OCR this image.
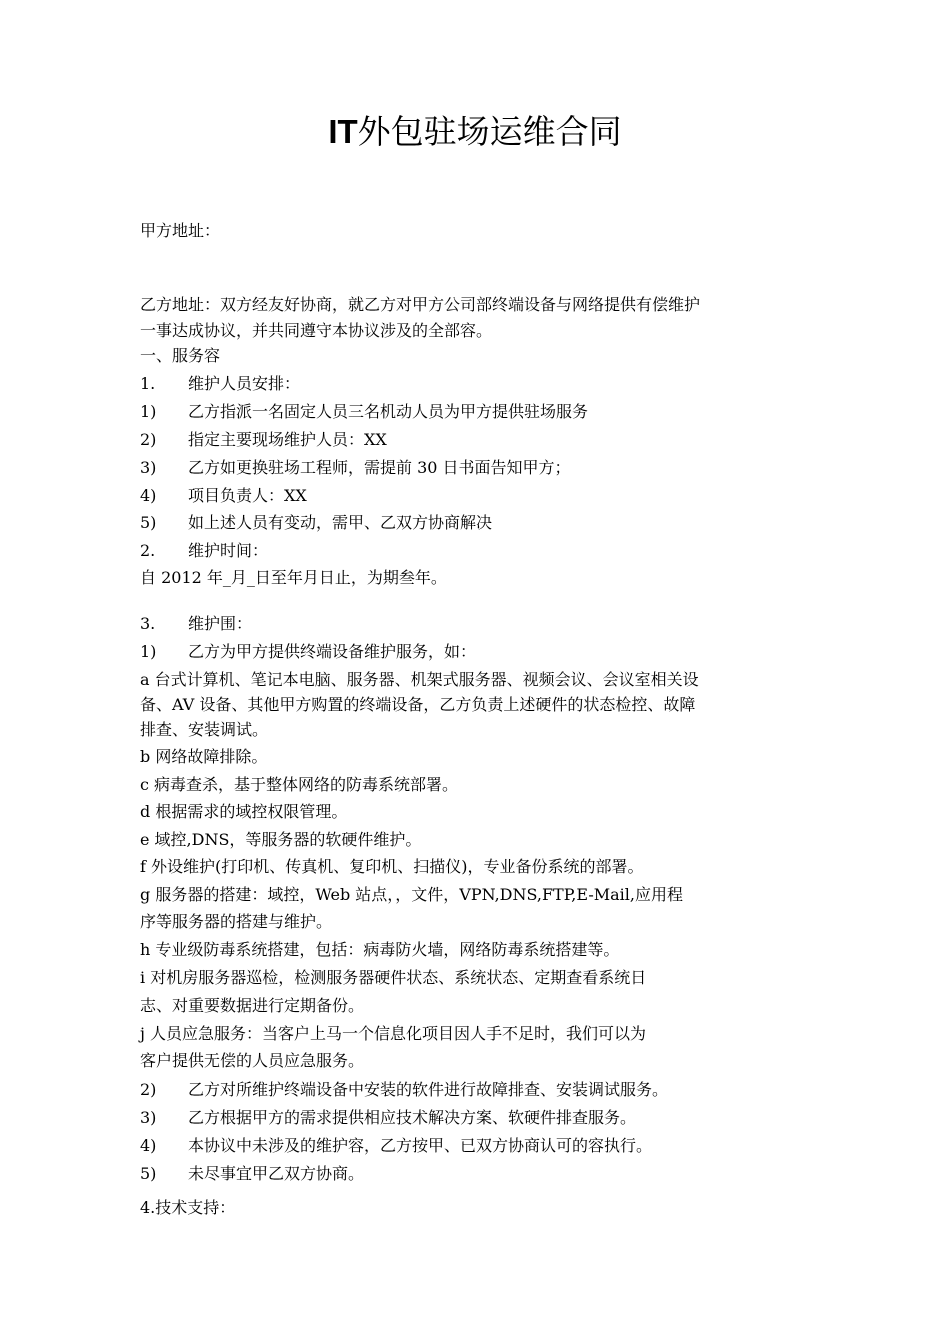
IT外包驻场运维合同
甲方地址：
乙方地址：双方经友好协商，就乙方对甲方公司部终端设备与网络提供有偿维护
一事达成协议，并共同遵守本协议涉及的全部容。
一、服务容
1. 维护人员安排：
1) 乙方指派一名固定人员三名机动人员为甲方提供驻场服务
2) 指定主要现场维护人员：XX
3) 乙方如更换驻场工程师，需提前 30 日书面告知甲方；
4) 项目负责人：XX
5) 如上述人员有变动，需甲、乙双方协商解决
2. 维护时间：
自 2012 年_月_日至年月日止，为期叁年。
3. 维护围：
1) 乙方为甲方提供终端设备维护服务，如：
a 台式计算机、笔记本电脑、服务器、机架式服务器、视频会议、会议室相关设
备、AV 设备、其他甲方购置的终端设备，乙方负责上述硬件的状态检控、故障
排查、安装调试。
b 网络故障排除。
c 病毒查杀，基于整体网络的防毒系统部署。
d 根据需求的域控权限管理。
e 域控,DNS，等服务器的软硬件维护。
f 外设维护(打印机、传真机、复印机、扫描仪)，专业备份系统的部署。
g 服务器的搭建：域控，Web 站点，，文件，VPN,DNS,FTP,E-Mail,应用程
序等服务器的搭建与维护。
h 专业级防毒系统搭建，包括：病毒防火墙，网络防毒系统搭建等。
i 对机房服务器巡检，检测服务器硬件状态、系统状态、定期查看系统日
志、对重要数据进行定期备份。
j 人员应急服务：当客户上马一个信息化项目因人手不足时，我们可以为
客户提供无偿的人员应急服务。
2) 乙方对所维护终端设备中安装的软件进行故障排查、安装调试服务。
3) 乙方根据甲方的需求提供相应技术解决方案、软硬件排查服务。
4) 本协议中未涉及的维护容，乙方按甲、已双方协商认可的容执行。
5) 未尽事宜甲乙双方协商。
4.技术支持：
